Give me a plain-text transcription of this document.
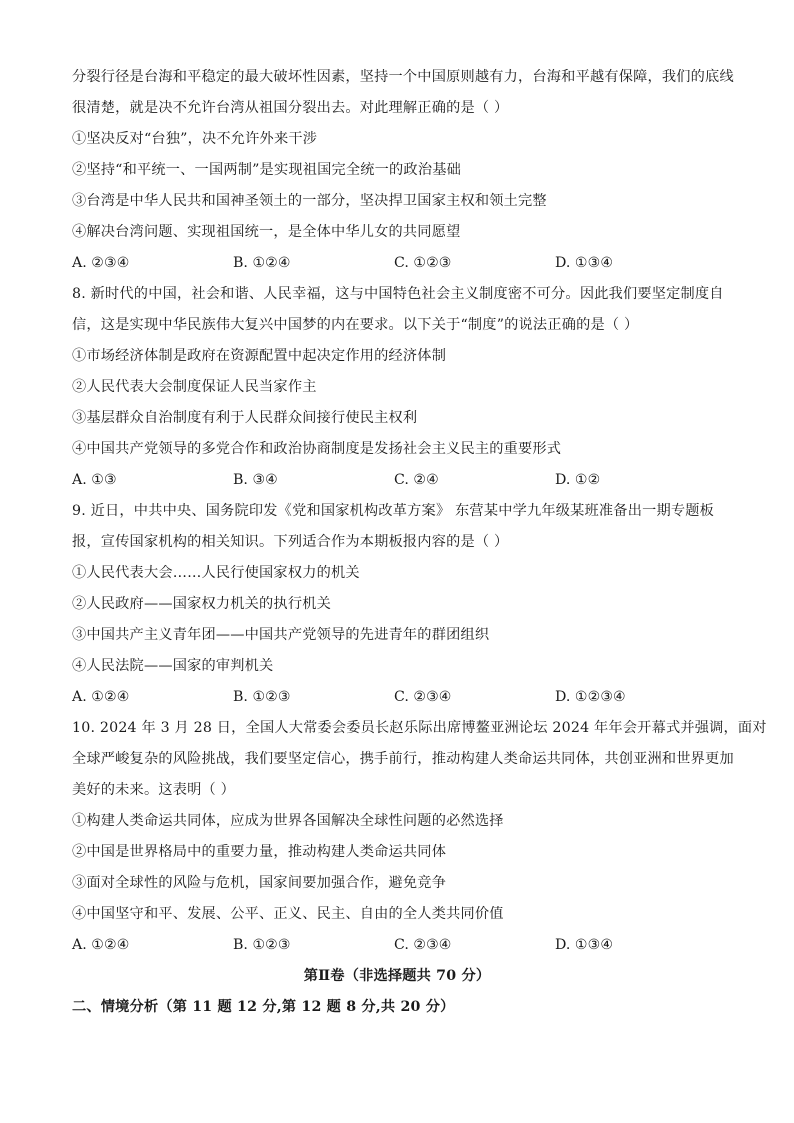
分裂行径是台海和平稳定的最大破坏性因素，坚持一个中国原则越有力，台海和平越有保障，我们的底线
很清楚，就是决不允许台湾从祖国分裂出去。对此理解正确的是（ ）
①坚决反对“台独”，决不允许外来干涉
②坚持“和平统一、一国两制”是实现祖国完全统一的政治基础
③台湾是中华人民共和国神圣领土的一部分，坚决捍卫国家主权和领土完整
④解决台湾问题、实现祖国统一，是全体中华儿女的共同愿望
A. ②③④	B. ①②④	C. ①②③	D. ①③④
8. 新时代的中国，社会和谐、人民幸福，这与中国特色社会主义制度密不可分。因此我们要坚定制度自
信，这是实现中华民族伟大复兴中国梦的内在要求。以下关于“制度”的说法正确的是（ ）
①市场经济体制是政府在资源配置中起决定作用的经济体制
②人民代表大会制度保证人民当家作主
③基层群众自治制度有利于人民群众间接行使民主权利
④中国共产党领导的多党合作和政治协商制度是发扬社会主义民主的重要形式
A. ①③	B. ③④	C. ②④	D. ①②
9. 近日，中共中央、国务院印发《党和国家机构改革方案》 东营某中学九年级某班准备出一期专题板
报，宣传国家机构的相关知识。下列适合作为本期板报内容的是（ ）
①人民代表大会……人民行使国家权力的机关
②人民政府——国家权力机关的执行机关
③中国共产主义青年团——中国共产党领导的先进青年的群团组织
④人民法院——国家的审判机关
A. ①②④	B. ①②③	C. ②③④	D. ①②③④
10. 2024 年 3 月 28 日，全国人大常委会委员长赵乐际出席博鳌亚洲论坛 2024 年年会开幕式并强调，面对
全球严峻复杂的风险挑战，我们要坚定信心，携手前行，推动构建人类命运共同体，共创亚洲和世界更加
美好的未来。这表明（ ）
①构建人类命运共同体，应成为世界各国解决全球性问题的必然选择
②中国是世界格局中的重要力量，推动构建人类命运共同体
③面对全球性的风险与危机，国家间要加强合作，避免竞争
④中国坚守和平、发展、公平、正义、民主、自由的全人类共同价值
A. ①②④	B. ①②③	C. ②③④	D. ①③④
第Ⅱ卷（非选择题共 70 分）
二、情境分析（第 11 题 12 分,第 12 题 8 分,共 20 分）
